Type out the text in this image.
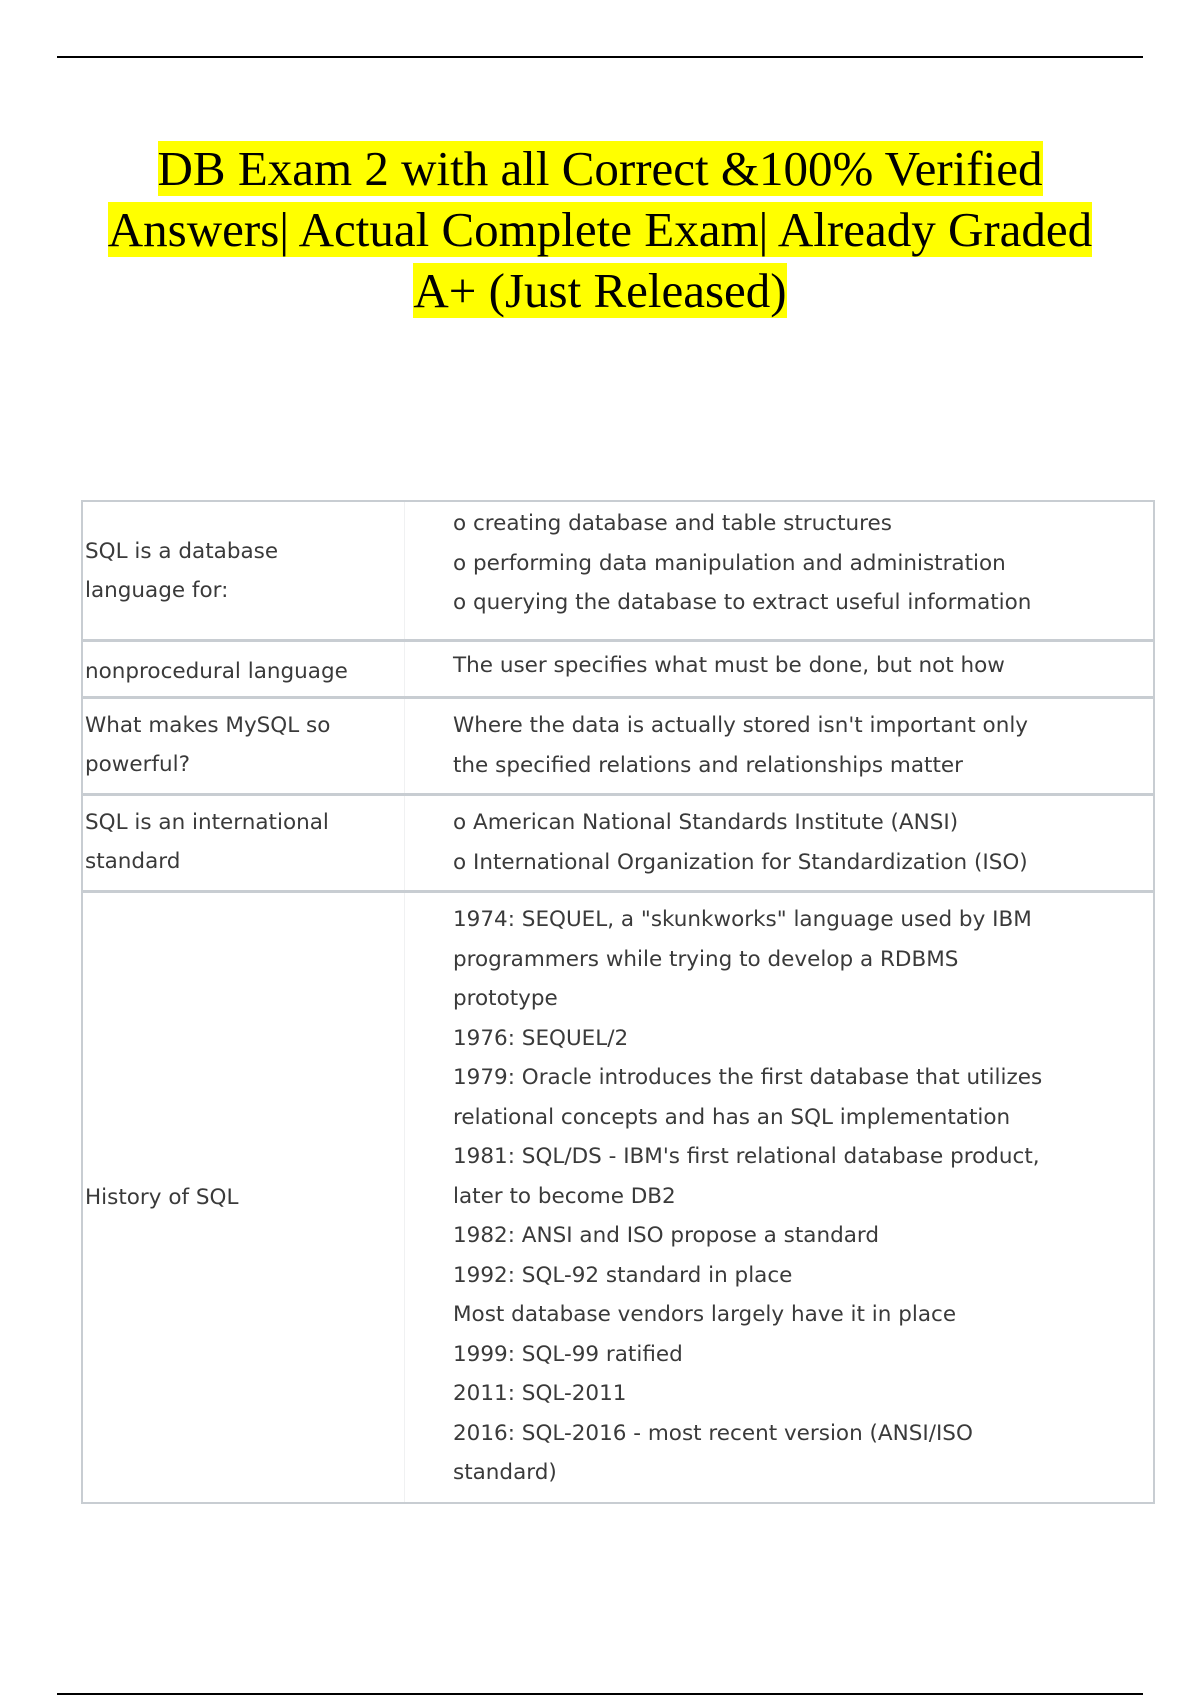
DB Exam 2 with all Correct &100% Verified
Answers| Actual Complete Exam| Already Graded
A+ (Just Released)
SQL is a database
language for:
o creating database and table structures
o performing data manipulation and administration
o querying the database to extract useful information
nonprocedural language	The user specifies what must be done, but not how
What makes MySQL so
powerful?
Where the data is actually stored isn't important only
the specified relations and relationships matter
SQL is an international
standard
o American National Standards Institute (ANSI)
o International Organization for Standardization (ISO)
History of SQL
1974: SEQUEL, a "skunkworks" language used by IBM
programmers while trying to develop a RDBMS
prototype
1976: SEQUEL/2
1979: Oracle introduces the first database that utilizes
relational concepts and has an SQL implementation
1981: SQL/DS - IBM's first relational database product,
later to become DB2
1982: ANSI and ISO propose a standard
1992: SQL-92 standard in place
Most database vendors largely have it in place
1999: SQL-99 ratified
2011: SQL-2011
2016: SQL-2016 - most recent version (ANSI/ISO
standard)
